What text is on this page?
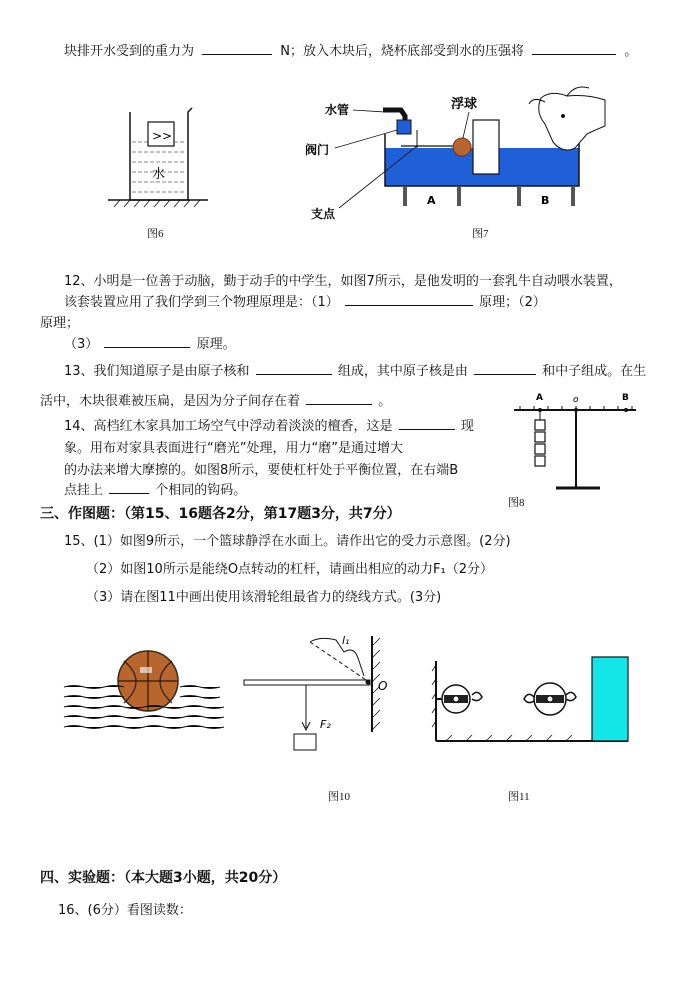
块排开水受到的重力为	N；放入木块后，烧杯底部受到水的压强将	。
>>
水
图6
水管	浮球
阀门
支点
A	B
图7
12、小明是一位善于动脑，勤于动手的中学生，如图7所示，是他发明的一套乳牛自动喂水装置，
该套装置应用了我们学到三个物理原理是：（1）	原理；（2）
原理；
（3）	原理。
13、我们知道原子是由原子核和	组成，其中原子核是由	和中子组成。在生
活中，木块很难被压扁，是因为分子间存在着	。
14、高档红木家具加工场空气中浮动着淡淡的檀香，这是	现
象。用布对家具表面进行“磨光”处理，用力“磨”是通过增大
的办法来增大摩擦的。如图8所示，要使杠杆处于平衡位置，在右端B
点挂上	个相同的钩码。
A	o	B
图8
三、作图题：（第15、16题各2分，第17题3分，共7分）
15、(1）如图9所示，一个篮球静浮在水面上。请作出它的受力示意图。(2分)
（2）如图10所示是能绕O点转动的杠杆，请画出相应的动力F₁（2分）
（3）请在图11中画出使用该滑轮组最省力的绕线方式。(3分)
l₁
O
F₂
图10	图11
四、实验题：（本大题3小题，共20分）
16、(6分）看图读数：
